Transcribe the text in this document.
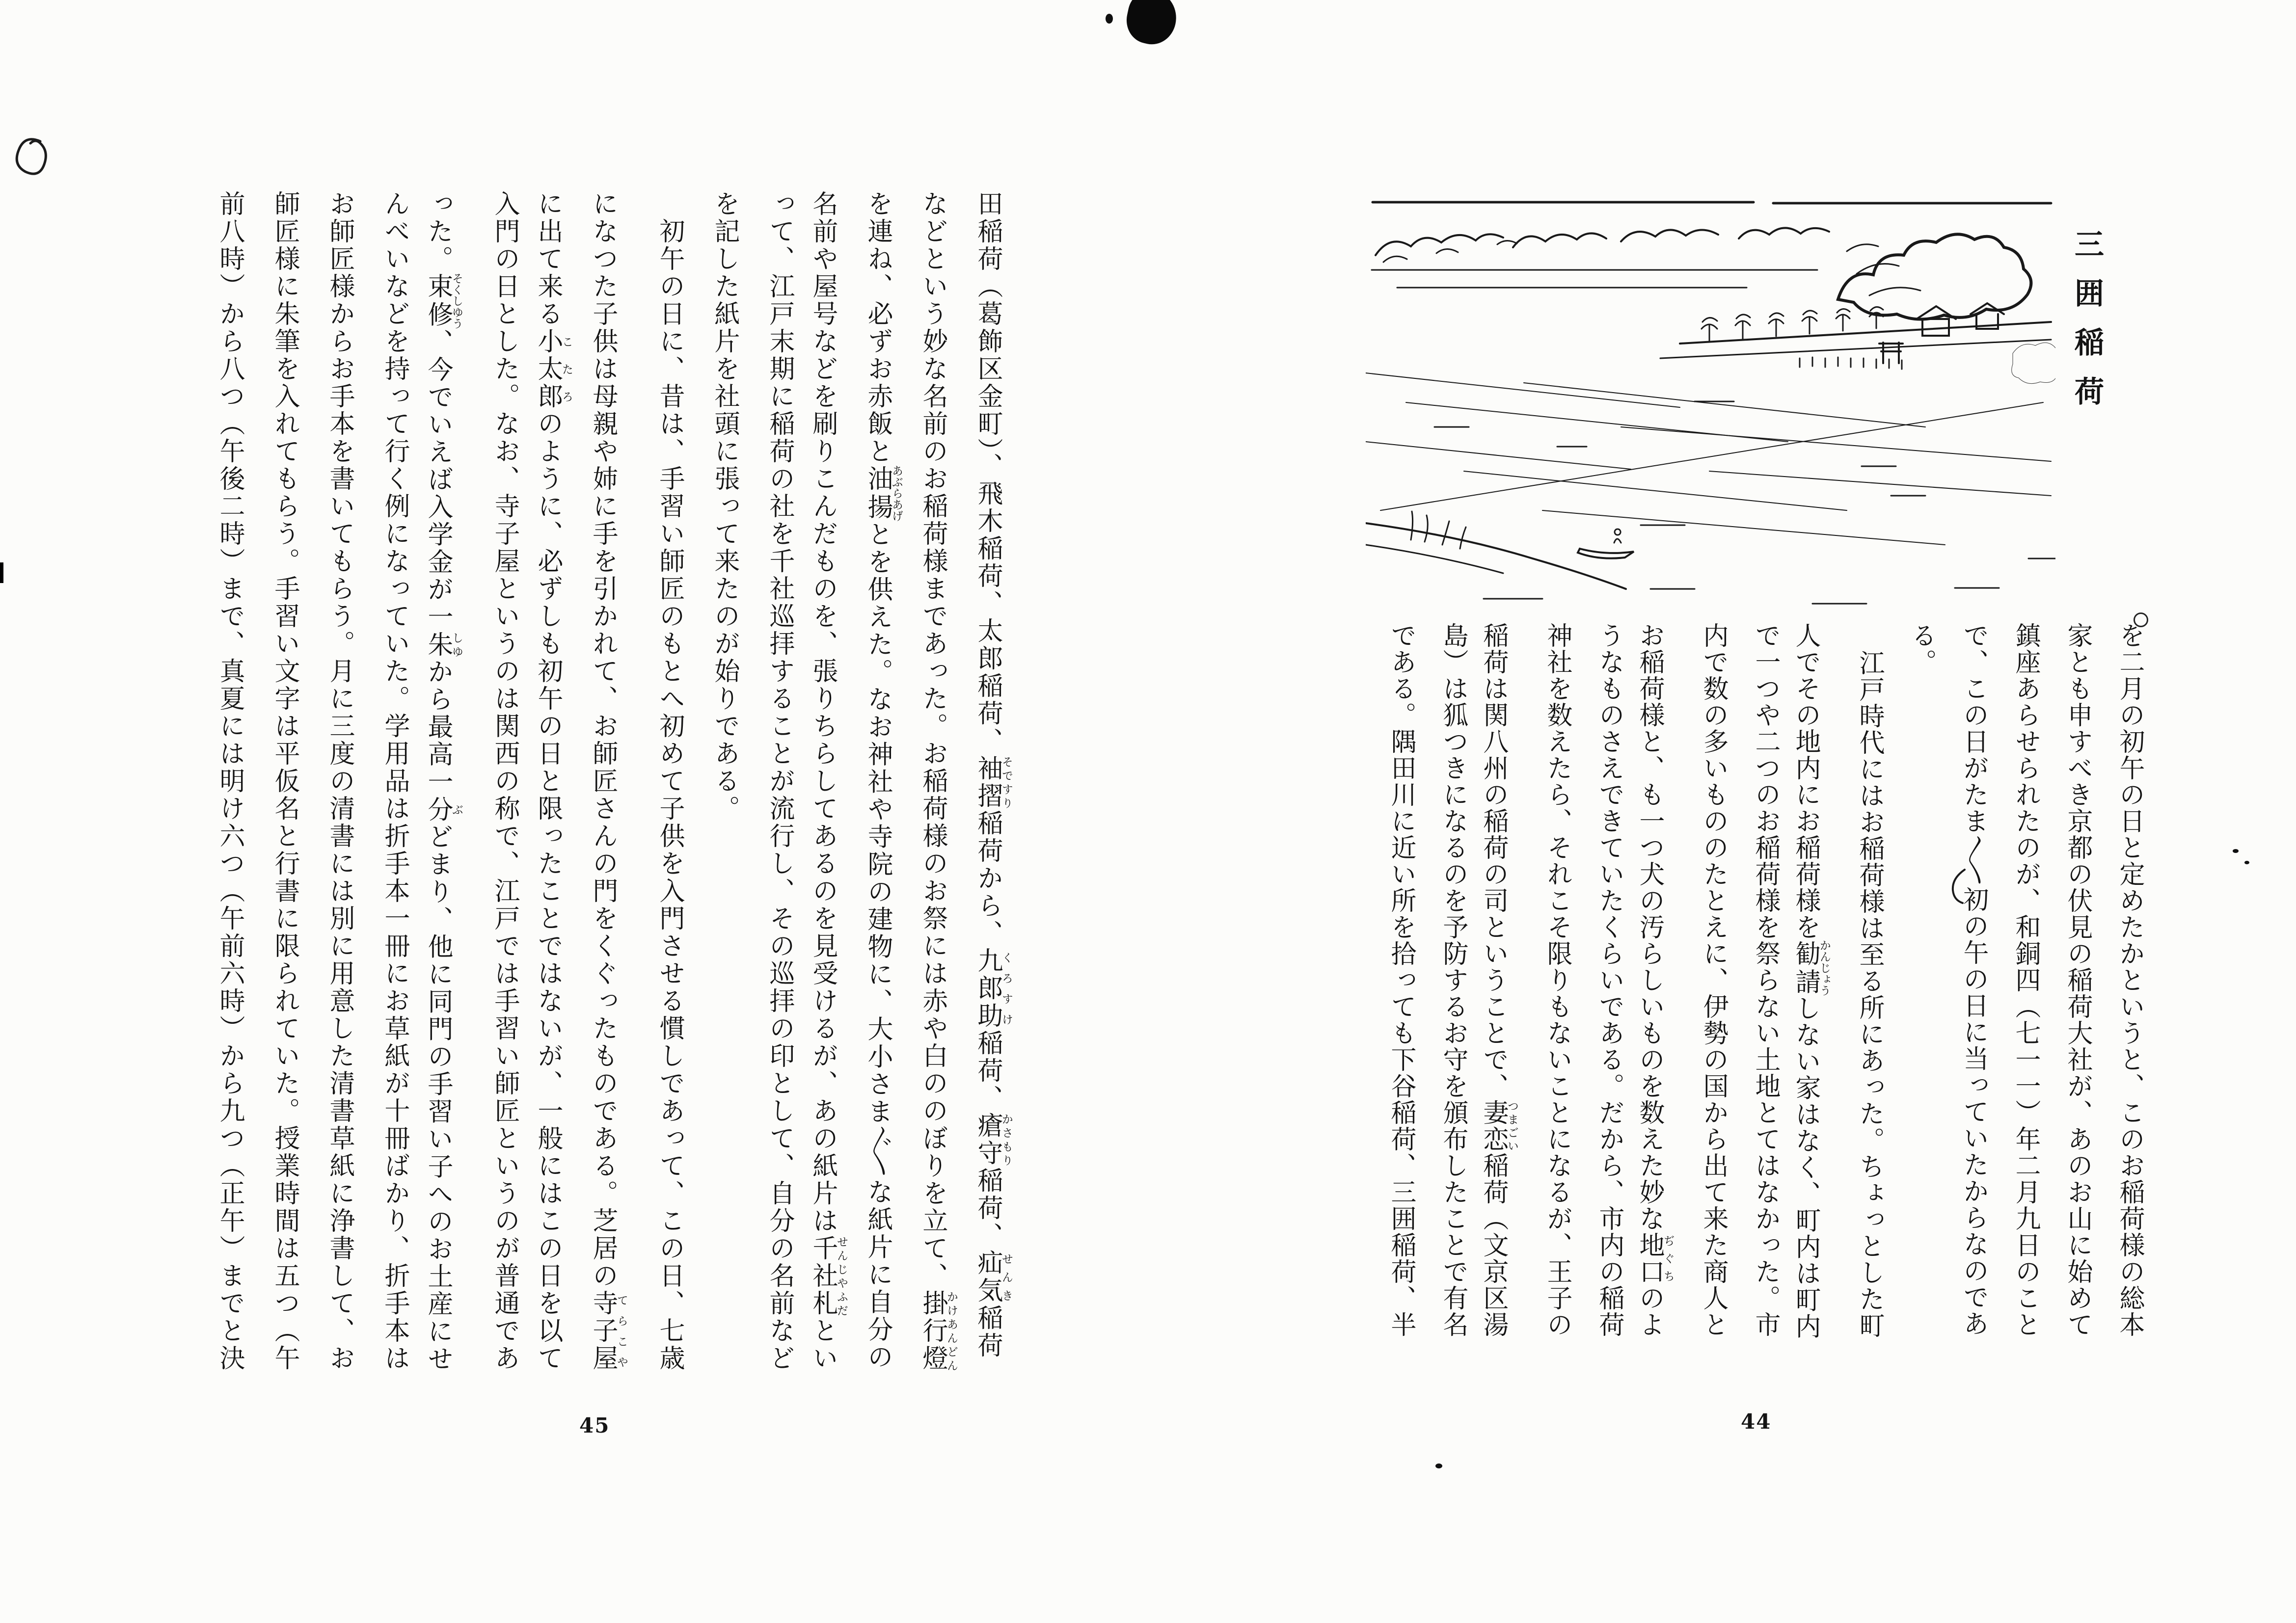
三囲稲荷
を二月の初午の日と定めたかというと、このお稲荷様の総本
家とも申すべき京都の伏見の稲荷大社が、あのお山に始めて
鎮座あらせられたのが、和銅四（七一一）年二月九日のこと
で、この日がたま〱初の午の日に当っていたからなのであ
る。
江戸時代にはお稲荷様は至る所にあった。ちょっとした町
人でその地内にお稲荷様を勧請かんじょうしない家はなく、町内は町内
で一つや二つのお稲荷様を祭らない土地とてはなかった。市
内で数の多いもののたとえに、伊勢の国から出て来た商人と
お稲荷様と、も一つ犬の汚らしいものを数えた妙な地口ぢぐちのよ
うなものさえできていたくらいである。だから、市内の稲荷
神社を数えたら、それこそ限りもないことになるが、王子の
稲荷は関八州の稲荷の司ということで、妻恋つまごい稲荷（文京区湯
島）は狐つきになるのを予防するお守を頒布したことで有名
である。隅田川に近い所を拾っても下谷稲荷、三囲稲荷、半
44
田稲荷（葛飾区金町）、飛木稲荷、太郎稲荷、袖摺そですり稲荷から、九郎助くろすけ稲荷、瘡守かさもり稲荷、疝気せんき稲荷
などという妙な名前のお稲荷様まであった。お稲荷様のお祭には赤や白ののぼりを立て、掛行燈かけあんどん
を連ね、必ずお赤飯と油揚あぶらあげとを供えた。なお神社や寺院の建物に、大小さま〲な紙片に自分の
名前や屋号などを刷りこんだものを、張りちらしてあるのを見受けるが、あの紙片は千社札せんじやふだとい
って、江戸末期に稲荷の社を千社巡拝することが流行し、その巡拝の印として、自分の名前など
を記した紙片を社頭に張って来たのが始りである。
初午の日に、昔は、手習い師匠のもとへ初めて子供を入門させる慣しであって、この日、七歳
になつた子供は母親や姉に手を引かれて、お師匠さんの門をくぐったものである。芝居の寺子屋てらこや
に出て来る小太郎こたろのように、必ずしも初午の日と限ったことではないが、一般にはこの日を以て
入門の日とした。なお、寺子屋というのは関西の称で、江戸では手習い師匠というのが普通であ
った。束修そくしゆう、今でいえば入学金が一朱しゆから最高一分ぶどまり、他に同門の手習い子へのお土産にせ
んべいなどを持って行く例になっていた。学用品は折手本一冊にお草紙が十冊ばかり、折手本は
お師匠様からお手本を書いてもらう。月に三度の清書には別に用意した清書草紙に浄書して、お
師匠様に朱筆を入れてもらう。手習い文字は平仮名と行書に限られていた。授業時間は五つ（午
前八時）から八つ（午後二時）まで、真夏には明け六つ（午前六時）から九つ（正午）までと決
45
